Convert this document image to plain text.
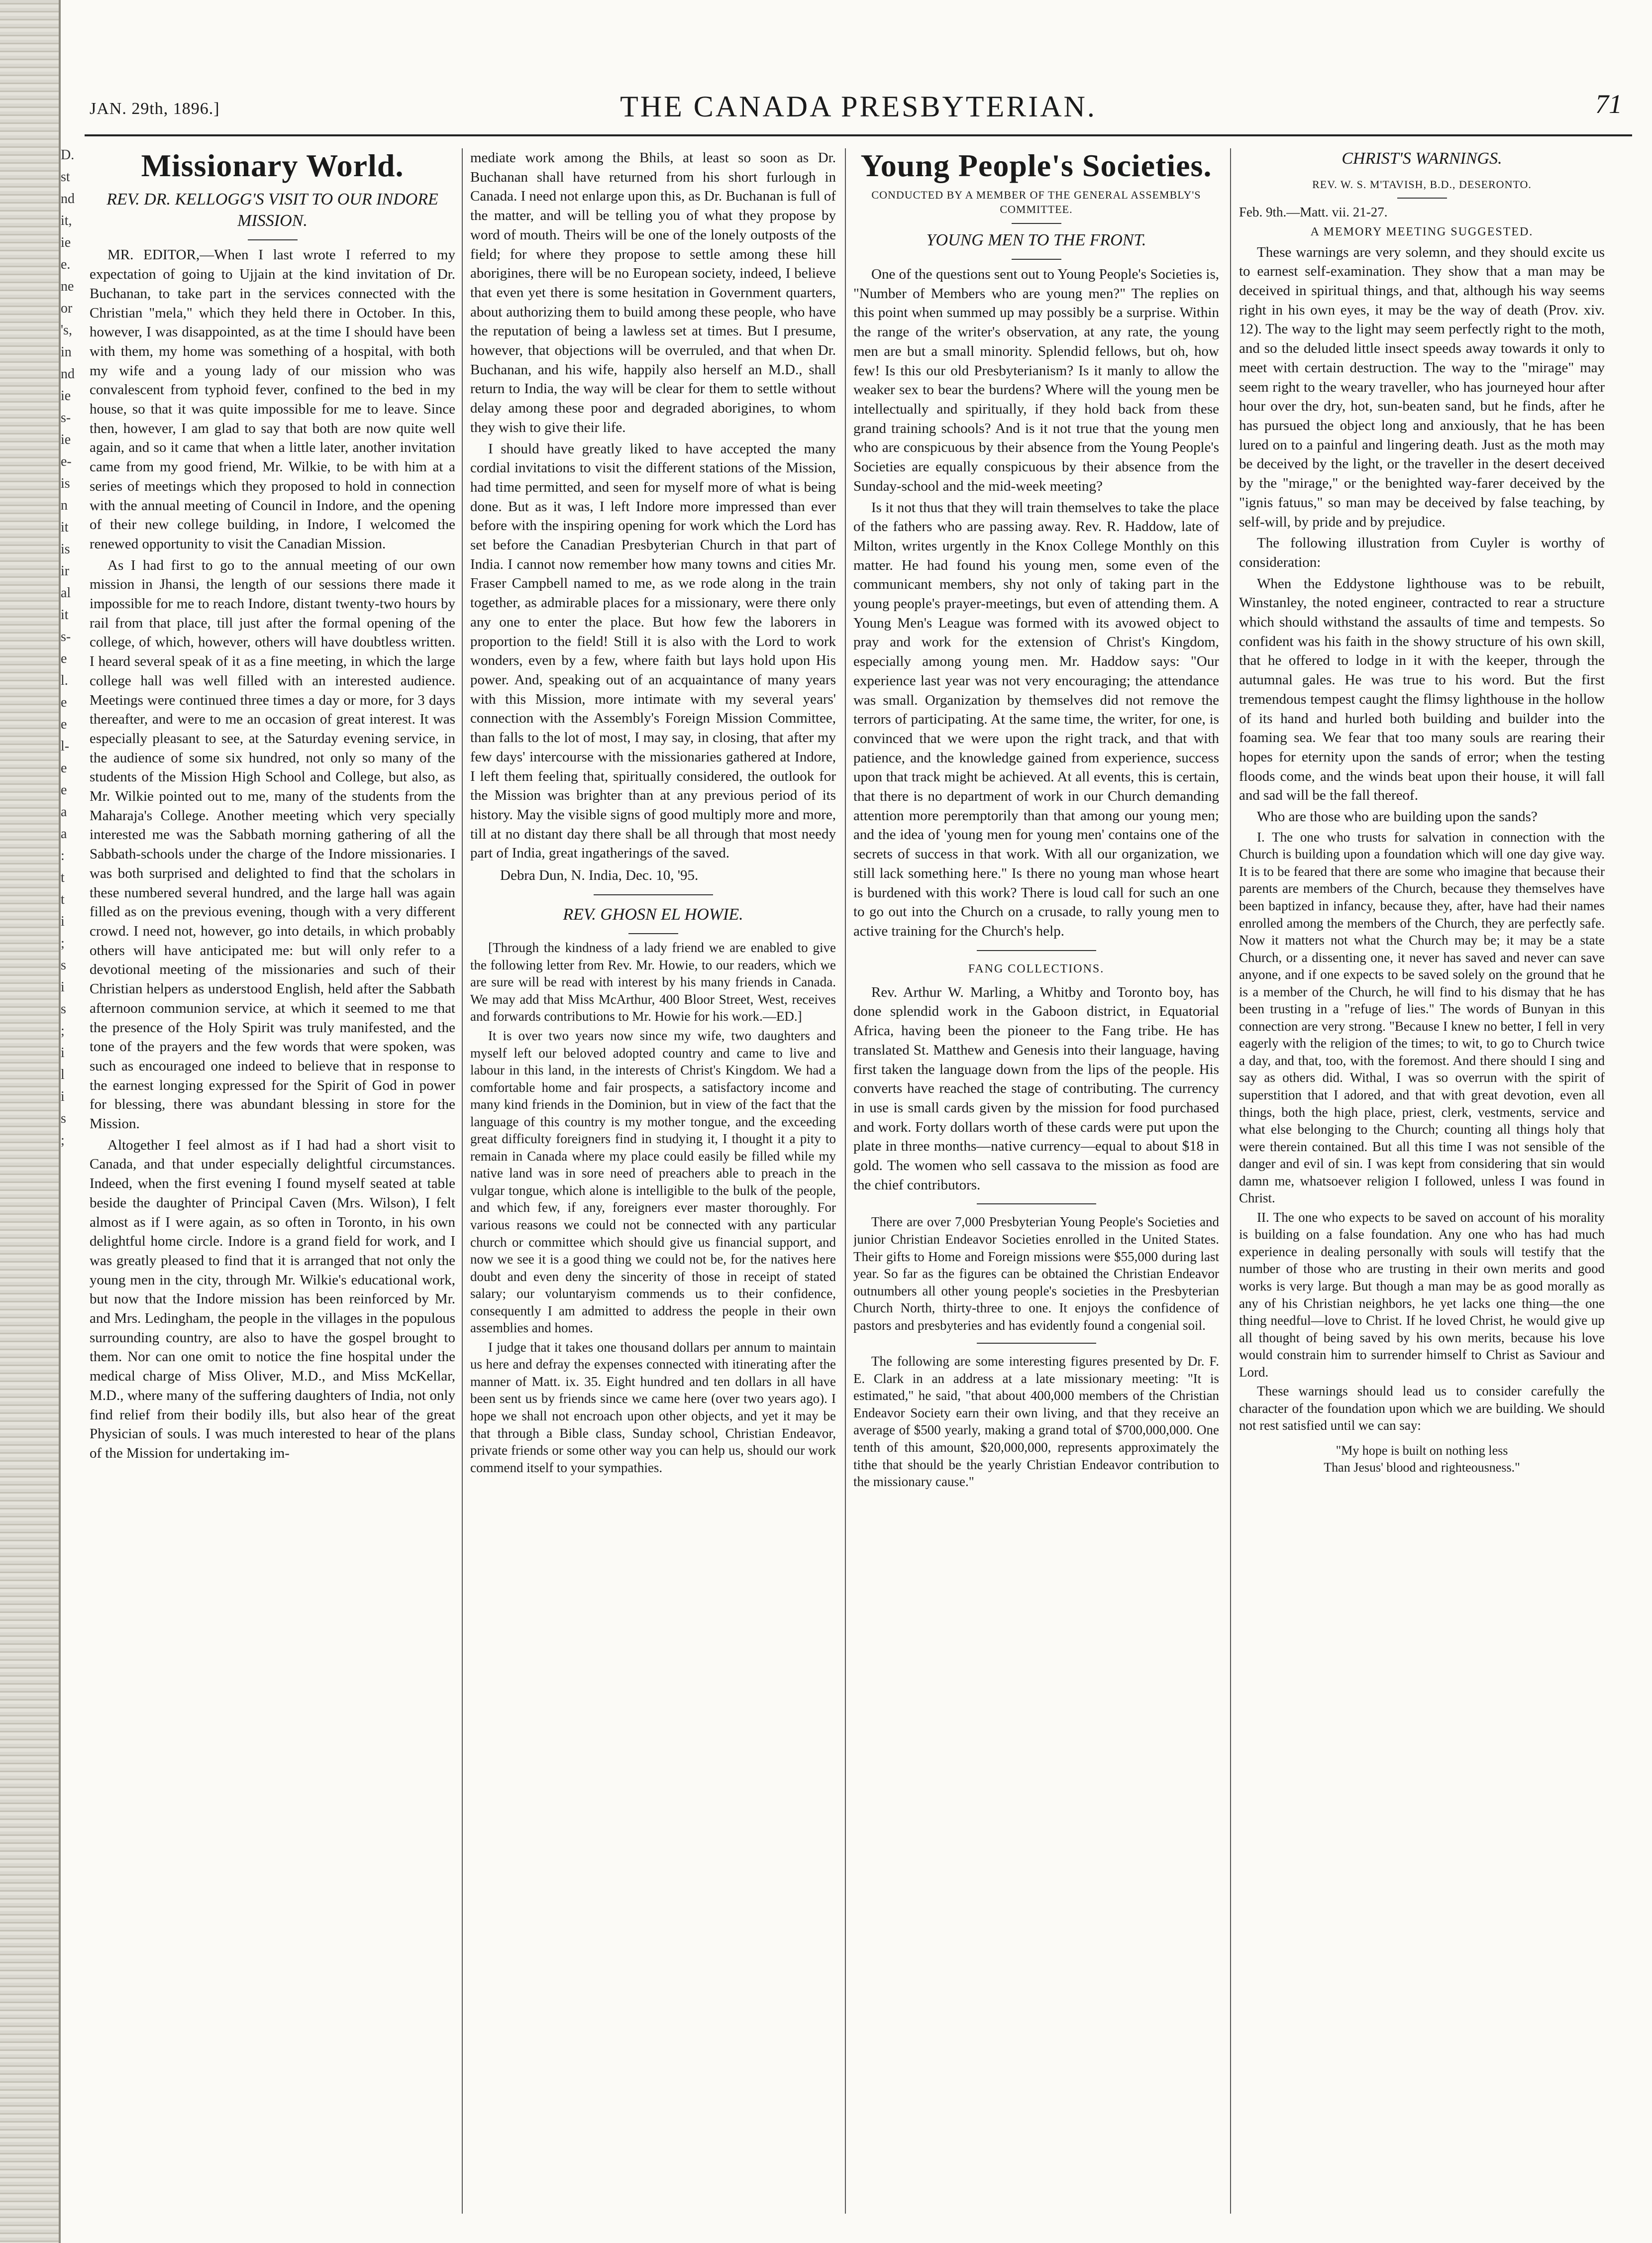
D.
st
nd
it,
ie
e.
ne
or
's,
in
nd
ie
s-
ie
e-
is
n
it
is
ir
al
it
s-
e
l.
e
e
l-
e
e
a
a
:
t
t
i
;
s
i
s
;
i
l
i
s
;
JAN. 29th, 1896.]	THE CANADA PRESBYTERIAN.	71
Missionary World.
REV. DR. KELLOGG'S VISIT TO OUR INDORE MISSION.

MR. EDITOR,—When I last wrote I referred to my expectation of going to Ujjain at the kind invitation of Dr. Buchanan, to take part in the services connected with the Christian "mela," which they held there in October. In this, however, I was disappointed, as at the time I should have been with them, my home was something of a hospital, with both my wife and a young lady of our mission who was convalescent from typhoid fever, confined to the bed in my house, so that it was quite impossible for me to leave. Since then, however, I am glad to say that both are now quite well again, and so it came that when a little later, another invitation came from my good friend, Mr. Wilkie, to be with him at a series of meetings which they proposed to hold in connection with the annual meeting of Council in Indore, and the opening of their new college building, in Indore, I welcomed the renewed opportunity to visit the Canadian Mission.

As I had first to go to the annual meeting of our own mission in Jhansi, the length of our sessions there made it impossible for me to reach Indore, distant twenty-two hours by rail from that place, till just after the formal opening of the college, of which, however, others will have doubtless written. I heard several speak of it as a fine meeting, in which the large college hall was well filled with an interested audience. Meetings were continued three times a day or more, for 3 days thereafter, and were to me an occasion of great interest. It was especially pleasant to see, at the Saturday evening service, in the audience of some six hundred, not only so many of the students of the Mission High School and College, but also, as Mr. Wilkie pointed out to me, many of the students from the Maharaja's College. Another meeting which very specially interested me was the Sabbath morning gathering of all the Sabbath-schools under the charge of the Indore missionaries. I was both surprised and delighted to find that the scholars in these numbered several hundred, and the large hall was again filled as on the previous evening, though with a very different crowd. I need not, however, go into details, in which probably others will have anticipated me: but will only refer to a devotional meeting of the missionaries and such of their Christian helpers as understood English, held after the Sabbath afternoon communion service, at which it seemed to me that the presence of the Holy Spirit was truly manifested, and the tone of the prayers and the few words that were spoken, was such as encouraged one indeed to believe that in response to the earnest longing expressed for the Spirit of God in power for blessing, there was abundant blessing in store for the Mission.

Altogether I feel almost as if I had had a short visit to Canada, and that under especially delightful circumstances. Indeed, when the first evening I found myself seated at table beside the daughter of Principal Caven (Mrs. Wilson), I felt almost as if I were again, as so often in Toronto, in his own delightful home circle. Indore is a grand field for work, and I was greatly pleased to find that it is arranged that not only the young men in the city, through Mr. Wilkie's educational work, but now that the Indore mission has been reinforced by Mr. and Mrs. Ledingham, the people in the villages in the populous surrounding country, are also to have the gospel brought to them. Nor can one omit to notice the fine hospital under the medical charge of Miss Oliver, M.D., and Miss McKellar, M.D., where many of the suffering daughters of India, not only find relief from their bodily ills, but also hear of the great Physician of souls. I was much interested to hear of the plans of the Mission for undertaking im-

mediate work among the Bhils, at least so soon as Dr. Buchanan shall have returned from his short furlough in Canada. I need not enlarge upon this, as Dr. Buchanan is full of the matter, and will be telling you of what they propose by word of mouth. Theirs will be one of the lonely outposts of the field; for where they propose to settle among these hill aborigines, there will be no European society, indeed, I believe that even yet there is some hesitation in Government quarters, about authorizing them to build among these people, who have the reputation of being a lawless set at times. But I presume, however, that objections will be overruled, and that when Dr. Buchanan, and his wife, happily also herself an M.D., shall return to India, the way will be clear for them to settle without delay among these poor and degraded aborigines, to whom they wish to give their life.

I should have greatly liked to have accepted the many cordial invitations to visit the different stations of the Mission, had time permitted, and seen for myself more of what is being done. But as it was, I left Indore more impressed than ever before with the inspiring opening for work which the Lord has set before the Canadian Presbyterian Church in that part of India. I cannot now remember how many towns and cities Mr. Fraser Campbell named to me, as we rode along in the train together, as admirable places for a missionary, were there only any one to enter the place. But how few the laborers in proportion to the field! Still it is also with the Lord to work wonders, even by a few, where faith but lays hold upon His power. And, speaking out of an acquaintance of many years with this Mission, more intimate with my several years' connection with the Assembly's Foreign Mission Committee, than falls to the lot of most, I may say, in closing, that after my few days' intercourse with the missionaries gathered at Indore, I left them feeling that, spiritually considered, the outlook for the Mission was brighter than at any previous period of its history. May the visible signs of good multiply more and more, till at no distant day there shall be all through that most needy part of India, great ingatherings of the saved.

Debra Dun, N. India, Dec. 10, '95.

REV. GHOSN EL HOWIE.

[Through the kindness of a lady friend we are enabled to give the following letter from Rev. Mr. Howie, to our readers, which we are sure will be read with interest by his many friends in Canada. We may add that Miss McArthur, 400 Bloor Street, West, receives and forwards contributions to Mr. Howie for his work.—ED.]

It is over two years now since my wife, two daughters and myself left our beloved adopted country and came to live and labour in this land, in the interests of Christ's Kingdom. We had a comfortable home and fair prospects, a satisfactory income and many kind friends in the Dominion, but in view of the fact that the language of this country is my mother tongue, and the exceeding great difficulty foreigners find in studying it, I thought it a pity to remain in Canada where my place could easily be filled while my native land was in sore need of preachers able to preach in the vulgar tongue, which alone is intelligible to the bulk of the people, and which few, if any, foreigners ever master thoroughly. For various reasons we could not be connected with any particular church or committee which should give us financial support, and now we see it is a good thing we could not be, for the natives here doubt and even deny the sincerity of those in receipt of stated salary; our voluntaryism commends us to their confidence, consequently I am admitted to address the people in their own assemblies and homes.

I judge that it takes one thousand dollars per annum to maintain us here and defray the expenses connected with itinerating after the manner of Matt. ix. 35. Eight hundred and ten dollars in all have been sent us by friends since we came here (over two years ago). I hope we shall not encroach upon other objects, and yet it may be that through a Bible class, Sunday school, Christian Endeavor, private friends or some other way you can help us, should our work commend itself to your sympathies.

Young People's Societies.
CONDUCTED BY A MEMBER OF THE GENERAL ASSEMBLY'S COMMITTEE.
YOUNG MEN TO THE FRONT.

One of the questions sent out to Young People's Societies is, "Number of Members who are young men?" The replies on this point when summed up may possibly be a surprise. Within the range of the writer's observation, at any rate, the young men are but a small minority. Splendid fellows, but oh, how few! Is this our old Presbyterianism? Is it manly to allow the weaker sex to bear the burdens? Where will the young men be intellectually and spiritually, if they hold back from these grand training schools? And is it not true that the young men who are conspicuous by their absence from the Young People's Societies are equally conspicuous by their absence from the Sunday-school and the mid-week meeting?

Is it not thus that they will train themselves to take the place of the fathers who are passing away. Rev. R. Haddow, late of Milton, writes urgently in the Knox College Monthly on this matter. He had found his young men, some even of the communicant members, shy not only of taking part in the young people's prayer-meetings, but even of attending them. A Young Men's League was formed with its avowed object to pray and work for the extension of Christ's Kingdom, especially among young men. Mr. Haddow says: "Our experience last year was not very encouraging; the attendance was small. Organization by themselves did not remove the terrors of participating. At the same time, the writer, for one, is convinced that we were upon the right track, and that with patience, and the knowledge gained from experience, success upon that track might be achieved. At all events, this is certain, that there is no department of work in our Church demanding attention more peremptorily than that among our young men; and the idea of 'young men for young men' contains one of the secrets of success in that work. With all our organization, we still lack something here." Is there no young man whose heart is burdened with this work? There is loud call for such an one to go out into the Church on a crusade, to rally young men to active training for the Church's help.

FANG COLLECTIONS.

Rev. Arthur W. Marling, a Whitby and Toronto boy, has done splendid work in the Gaboon district, in Equatorial Africa, having been the pioneer to the Fang tribe. He has translated St. Matthew and Genesis into their language, having first taken the language down from the lips of the people. His converts have reached the stage of contributing. The currency in use is small cards given by the mission for food purchased and work. Forty dollars worth of these cards were put upon the plate in three months—native currency—equal to about $18 in gold. The women who sell cassava to the mission as food are the chief contributors.

There are over 7,000 Presbyterian Young People's Societies and junior Christian Endeavor Societies enrolled in the United States. Their gifts to Home and Foreign missions were $55,000 during last year. So far as the figures can be obtained the Christian Endeavor outnumbers all other young people's societies in the Presbyterian Church North, thirty-three to one. It enjoys the confidence of pastors and presbyteries and has evidently found a congenial soil.

The following are some interesting figures presented by Dr. F. E. Clark in an address at a late missionary meeting: "It is estimated," he said, "that about 400,000 members of the Christian Endeavor Society earn their own living, and that they receive an average of $500 yearly, making a grand total of $700,000,000. One tenth of this amount, $20,000,000, represents approximately the tithe that should be the yearly Christian Endeavor contribution to the missionary cause."

CHRIST'S WARNINGS.
REV. W. S. M'TAVISH, B.D., DESERONTO.

Feb. 9th.—Matt. vii. 21-27.

A MEMORY MEETING SUGGESTED.

These warnings are very solemn, and they should excite us to earnest self-examination. They show that a man may be deceived in spiritual things, and that, although his way seems right in his own eyes, it may be the way of death (Prov. xiv. 12). The way to the light may seem perfectly right to the moth, and so the deluded little insect speeds away towards it only to meet with certain destruction. The way to the "mirage" may seem right to the weary traveller, who has journeyed hour after hour over the dry, hot, sun-beaten sand, but he finds, after he has pursued the object long and anxiously, that he has been lured on to a painful and lingering death. Just as the moth may be deceived by the light, or the traveller in the desert deceived by the "mirage," or the benighted way-farer deceived by the "ignis fatuus," so man may be deceived by false teaching, by self-will, by pride and by prejudice.

The following illustration from Cuyler is worthy of consideration:

When the Eddystone lighthouse was to be rebuilt, Winstanley, the noted engineer, contracted to rear a structure which should withstand the assaults of time and tempests. So confident was his faith in the showy structure of his own skill, that he offered to lodge in it with the keeper, through the autumnal gales. He was true to his word. But the first tremendous tempest caught the flimsy lighthouse in the hollow of its hand and hurled both building and builder into the foaming sea. We fear that too many souls are rearing their hopes for eternity upon the sands of error; when the testing floods come, and the winds beat upon their house, it will fall and sad will be the fall thereof.

Who are those who are building upon the sands?

I. The one who trusts for salvation in connection with the Church is building upon a foundation which will one day give way. It is to be feared that there are some who imagine that because their parents are members of the Church, because they themselves have been baptized in infancy, because they, after, have had their names enrolled among the members of the Church, they are perfectly safe. Now it matters not what the Church may be; it may be a state Church, or a dissenting one, it never has saved and never can save anyone, and if one expects to be saved solely on the ground that he is a member of the Church, he will find to his dismay that he has been trusting in a "refuge of lies." The words of Bunyan in this connection are very strong. "Because I knew no better, I fell in very eagerly with the religion of the times; to wit, to go to Church twice a day, and that, too, with the foremost. And there should I sing and say as others did. Withal, I was so overrun with the spirit of superstition that I adored, and that with great devotion, even all things, both the high place, priest, clerk, vestments, service and what else belonging to the Church; counting all things holy that were therein contained. But all this time I was not sensible of the danger and evil of sin. I was kept from considering that sin would damn me, whatsoever religion I followed, unless I was found in Christ.

II. The one who expects to be saved on account of his morality is building on a false foundation. Any one who has had much experience in dealing personally with souls will testify that the number of those who are trusting in their own merits and good works is very large. But though a man may be as good morally as any of his Christian neighbors, he yet lacks one thing—the one thing needful—love to Christ. If he loved Christ, he would give up all thought of being saved by his own merits, because his love would constrain him to surrender himself to Christ as Saviour and Lord.

These warnings should lead us to consider carefully the character of the foundation upon which we are building. We should not rest satisfied until we can say:

"My hope is built on nothing less
Than Jesus' blood and righteousness."
